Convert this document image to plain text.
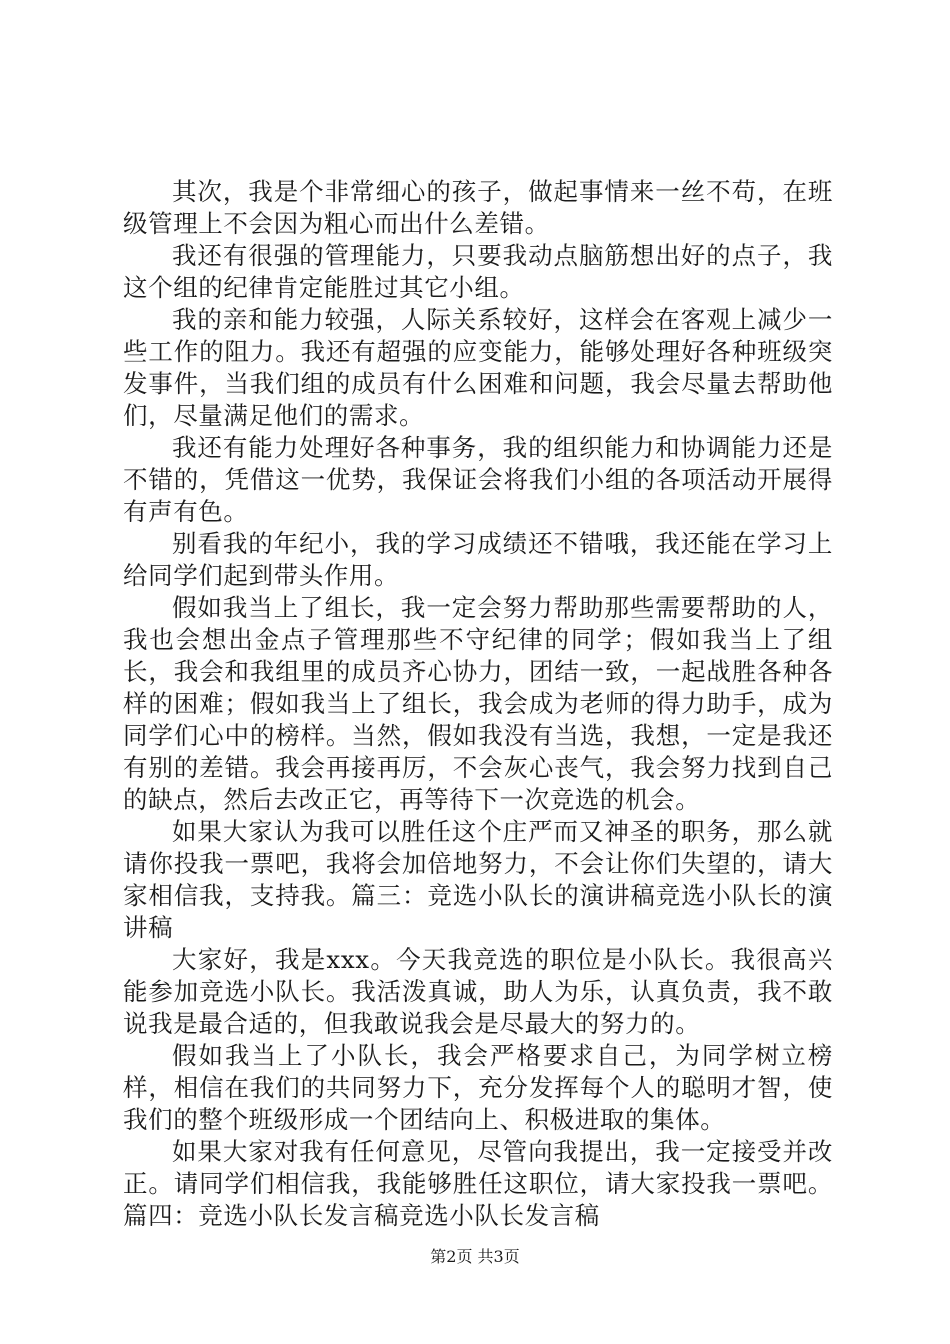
其次，我是个非常细心的孩子，做起事情来一丝不苟，在班级管理上不会因为粗心而出什么差错。

我还有很强的管理能力，只要我动点脑筋想出好的点子，我这个组的纪律肯定能胜过其它小组。

我的亲和能力较强，人际关系较好，这样会在客观上减少一些工作的阻力。我还有超强的应变能力，能够处理好各种班级突发事件，当我们组的成员有什么困难和问题，我会尽量去帮助他们，尽量满足他们的需求。

我还有能力处理好各种事务，我的组织能力和协调能力还是不错的，凭借这一优势，我保证会将我们小组的各项活动开展得有声有色。

别看我的年纪小，我的学习成绩还不错哦，我还能在学习上给同学们起到带头作用。

假如我当上了组长，我一定会努力帮助那些需要帮助的人，我也会想出金点子管理那些不守纪律的同学；假如我当上了组长，我会和我组里的成员齐心协力，团结一致，一起战胜各种各样的困难；假如我当上了组长，我会成为老师的得力助手，成为同学们心中的榜样。当然，假如我没有当选，我想，一定是我还有别的差错。我会再接再厉，不会灰心丧气，我会努力找到自己的缺点，然后去改正它，再等待下一次竞选的机会。

如果大家认为我可以胜任这个庄严而又神圣的职务，那么就请你投我一票吧，我将会加倍地努力，不会让你们失望的，请大家相信我，支持我。篇三：竞选小队长的演讲稿竞选小队长的演讲稿

大家好，我是xxx。今天我竞选的职位是小队长。我很高兴能参加竞选小队长。我活泼真诚，助人为乐，认真负责，我不敢说我是最合适的，但我敢说我会是尽最大的努力的。

假如我当上了小队长，我会严格要求自己，为同学树立榜样，相信在我们的共同努力下，充分发挥每个人的聪明才智，使我们的整个班级形成一个团结向上、积极进取的集体。

如果大家对我有任何意见，尽管向我提出，我一定接受并改正。请同学们相信我，我能够胜任这职位，请大家投我一票吧。篇四：竞选小队长发言稿竞选小队长发言稿

第2页 共3页
